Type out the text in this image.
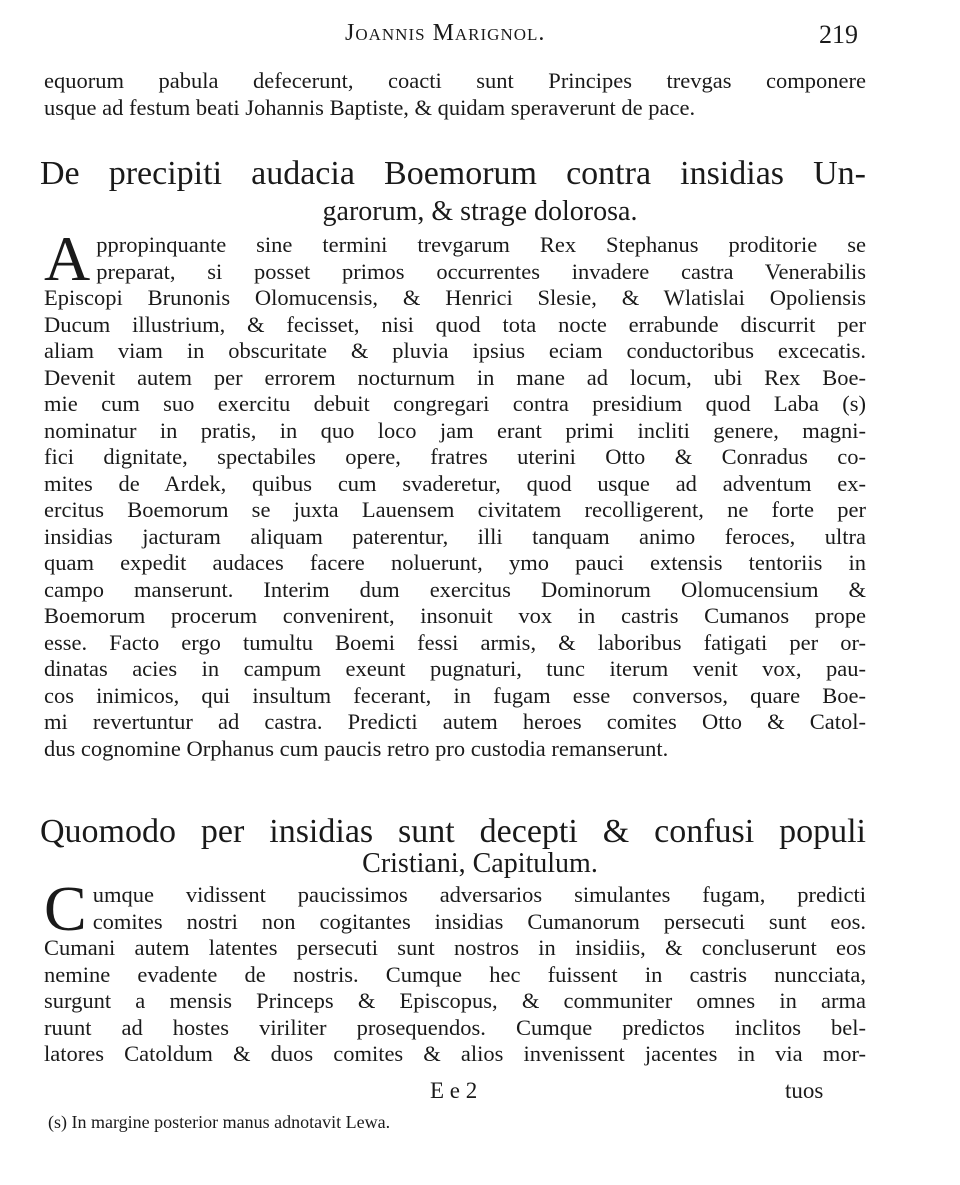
Joannis Marignol.	219
equorum pabula defecerunt, coacti sunt Principes trevgas componere
usque ad festum beati Johannis Baptiste, & quidam speraverunt de pace.
De precipiti audacia Boemorum contra insidias Un-
garorum, & strage dolorosa.
A ppropinquante sine termini trevgarum Rex Stephanus proditorie se
preparat, si posset primos occurrentes invadere castra Venerabilis
Episcopi Brunonis Olomucensis, & Henrici Slesie, & Wlatislai Opoliensis
Ducum illustrium, & fecisset, nisi quod tota nocte errabunde discurrit per
aliam viam in obscuritate & pluvia ipsius eciam conductoribus excecatis.
Devenit autem per errorem nocturnum in mane ad locum, ubi Rex Boe-
mie cum suo exercitu debuit congregari contra presidium quod Laba (s)
nominatur in pratis, in quo loco jam erant primi incliti genere, magni-
fici dignitate, spectabiles opere, fratres uterini Otto & Conradus co-
mites de Ardek, quibus cum svaderetur, quod usque ad adventum ex-
ercitus Boemorum se juxta Lauensem civitatem recolligerent, ne forte per
insidias jacturam aliquam paterentur, illi tanquam animo feroces, ultra
quam expedit audaces facere noluerunt, ymo pauci extensis tentoriis in
campo manserunt. Interim dum exercitus Dominorum Olomucensium &
Boemorum procerum convenirent, insonuit vox in castris Cumanos prope
esse. Facto ergo tumultu Boemi fessi armis, & laboribus fatigati per or-
dinatas acies in campum exeunt pugnaturi, tunc iterum venit vox, pau-
cos inimicos, qui insultum fecerant, in fugam esse conversos, quare Boe-
mi revertuntur ad castra. Predicti autem heroes comites Otto & Catol-
dus cognomine Orphanus cum paucis retro pro custodia remanserunt.
Quomodo per insidias sunt decepti & confusi populi
Cristiani, Capitulum.
C umque vidissent paucissimos adversarios simulantes fugam, predicti
comites nostri non cogitantes insidias Cumanorum persecuti sunt eos.
Cumani autem latentes persecuti sunt nostros in insidiis, & concluserunt eos
nemine evadente de nostris. Cumque hec fuissent in castris nuncciata,
surgunt a mensis Princeps & Episcopus, & communiter omnes in arma
ruunt ad hostes viriliter prosequendos. Cumque predictos inclitos bel-
latores Catoldum & duos comites & alios invenissent jacentes in via mor-
E e 2	tuos
(s) In margine posterior manus adnotavit Lewa.
